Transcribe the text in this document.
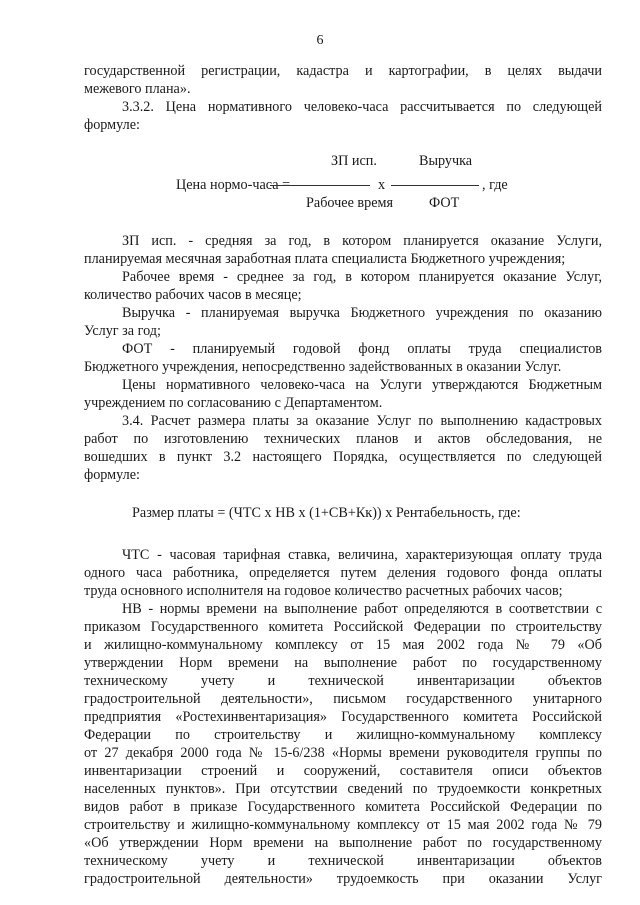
6
государственной регистрации, кадастра и картографии, в целях выдачи
межевого плана».
3.3.2. Цена нормативного человеко-часа рассчитывается по следующей
формуле:
ЗП исп.	Выручка
Цена нормо-часа =	х	, где
Рабочее время	ФОТ
ЗП исп. - средняя за год, в котором планируется оказание Услуги,
планируемая месячная заработная плата специалиста Бюджетного учреждения;
Рабочее время - среднее за год, в котором планируется оказание Услуг,
количество рабочих часов в месяце;
Выручка - планируемая выручка Бюджетного учреждения по оказанию
Услуг за год;
ФОТ - планируемый годовой фонд оплаты труда специалистов
Бюджетного учреждения, непосредственно задействованных в оказании Услуг.
Цены нормативного человеко-часа на Услуги утверждаются Бюджетным
учреждением по согласованию с Департаментом.
3.4. Расчет размера платы за оказание Услуг по выполнению кадастровых
работ по изготовлению технических планов и актов обследования, не
вошедших в пункт 3.2 настоящего Порядка, осуществляется по следующей
формуле:
Размер платы = (ЧТС х НВ х (1+СВ+Кк)) х Рентабельность, где:
ЧТС - часовая тарифная ставка, величина, характеризующая оплату труда
одного часа работника, определяется путем деления годового фонда оплаты
труда основного исполнителя на годовое количество расчетных рабочих часов;
НВ - нормы времени на выполнение работ определяются в соответствии с
приказом Государственного комитета Российской Федерации по строительству
и жилищно-коммунальному комплексу от 15 мая 2002 года № 79 «Об
утверждении Норм времени на выполнение работ по государственному
техническому учету и технической инвентаризации объектов
градостроительной деятельности», письмом государственного унитарного
предприятия «Ростехинвентаризация» Государственного комитета Российской
Федерации по строительству и жилищно-коммунальному комплексу
от 27 декабря 2000 года № 15-6/238 «Нормы времени руководителя группы по
инвентаризации строений и сооружений, составителя описи объектов
населенных пунктов». При отсутствии сведений по трудоемкости конкретных
видов работ в приказе Государственного комитета Российской Федерации по
строительству и жилищно-коммунальному комплексу от 15 мая 2002 года № 79
«Об утверждении Норм времени на выполнение работ по государственному
техническому учету и технической инвентаризации объектов
градостроительной деятельности» трудоемкость при оказании Услуг
